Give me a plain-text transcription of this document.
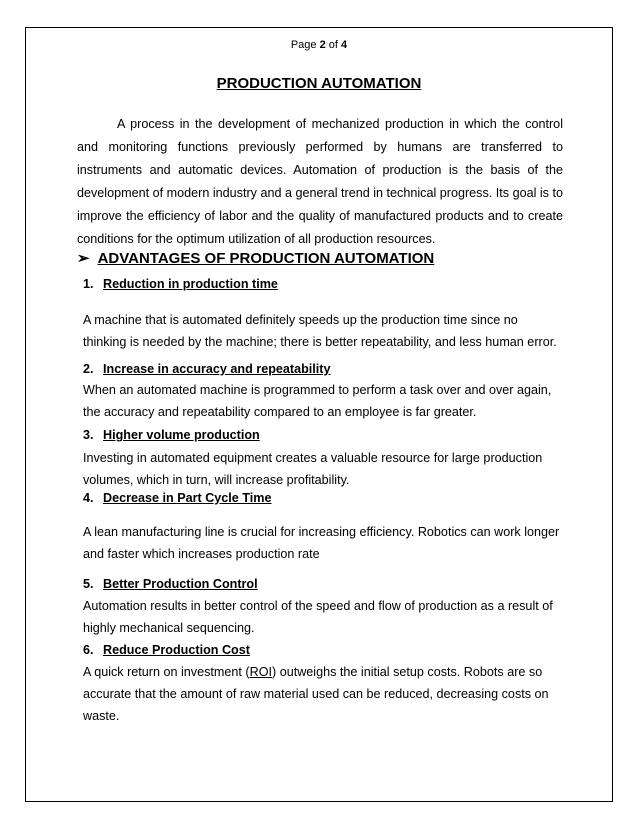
Page 2 of 4
PRODUCTION AUTOMATION

A process in the development of mechanized production in which the control and monitoring functions previously performed by humans are transferred to instruments and automatic devices. Automation of production is the basis of the development of modern industry and a general trend in technical progress. Its goal is to improve the efficiency of labor and the quality of manufactured products and to create conditions for the optimum utilization of all production resources.

➢ ADVANTAGES OF PRODUCTION AUTOMATION
1. Reduction in production time

A machine that is automated definitely speeds up the production time since no thinking is needed by the machine; there is better repeatability, and less human error.

2. Increase in accuracy and repeatability

When an automated machine is programmed to perform a task over and over again, the accuracy and repeatability compared to an employee is far greater.

3. Higher volume production

Investing in automated equipment creates a valuable resource for large production volumes, which in turn, will increase profitability.

4. Decrease in Part Cycle Time

A lean manufacturing line is crucial for increasing efficiency. Robotics can work longer and faster which increases production rate

5. Better Production Control

Automation results in better control of the speed and flow of production as a result of highly mechanical sequencing.

6. Reduce Production Cost

A quick return on investment (ROI) outweighs the initial setup costs. Robots are so accurate that the amount of raw material used can be reduced, decreasing costs on waste.
